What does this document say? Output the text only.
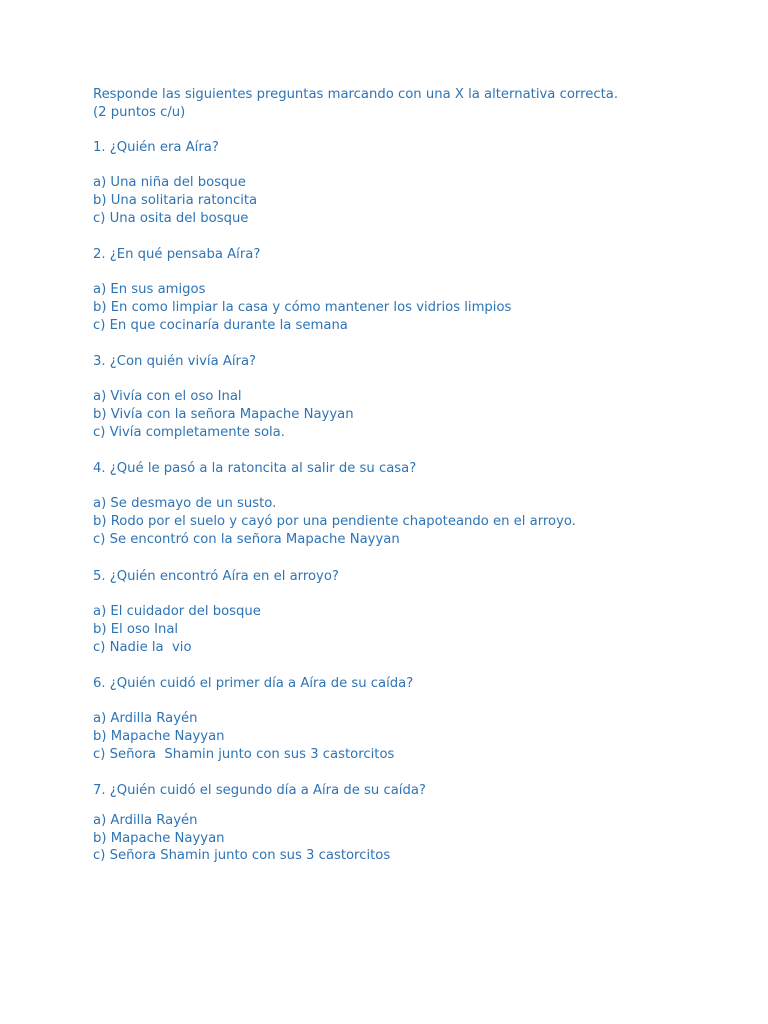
Responde las siguientes preguntas marcando con una X la alternativa correcta.
(2 puntos c/u)
1. ¿Quién era Aíra?
a) Una niña del bosque
b) Una solitaria ratoncita
c) Una osita del bosque
2. ¿En qué pensaba Aíra?
a) En sus amigos
b) En como limpiar la casa y cómo mantener los vidrios limpios
c) En que cocinaría durante la semana
3. ¿Con quién vivía Aíra?
a) Vivía con el oso Inal
b) Vivía con la señora Mapache Nayyan
c) Vivía completamente sola.
4. ¿Qué le pasó a la ratoncita al salir de su casa?
a) Se desmayo de un susto.
b) Rodo por el suelo y cayó por una pendiente chapoteando en el arroyo.
c) Se encontró con la señora Mapache Nayyan
5. ¿Quién encontró Aíra en el arroyo?
a) El cuidador del bosque
b) El oso Inal
c) Nadie la  vio
6. ¿Quién cuidó el primer día a Aíra de su caída?
a) Ardilla Rayén
b) Mapache Nayyan
c) Señora  Shamin junto con sus 3 castorcitos
7. ¿Quién cuidó el segundo día a Aíra de su caída?
a) Ardilla Rayén
b) Mapache Nayyan
c) Señora Shamin junto con sus 3 castorcitos
